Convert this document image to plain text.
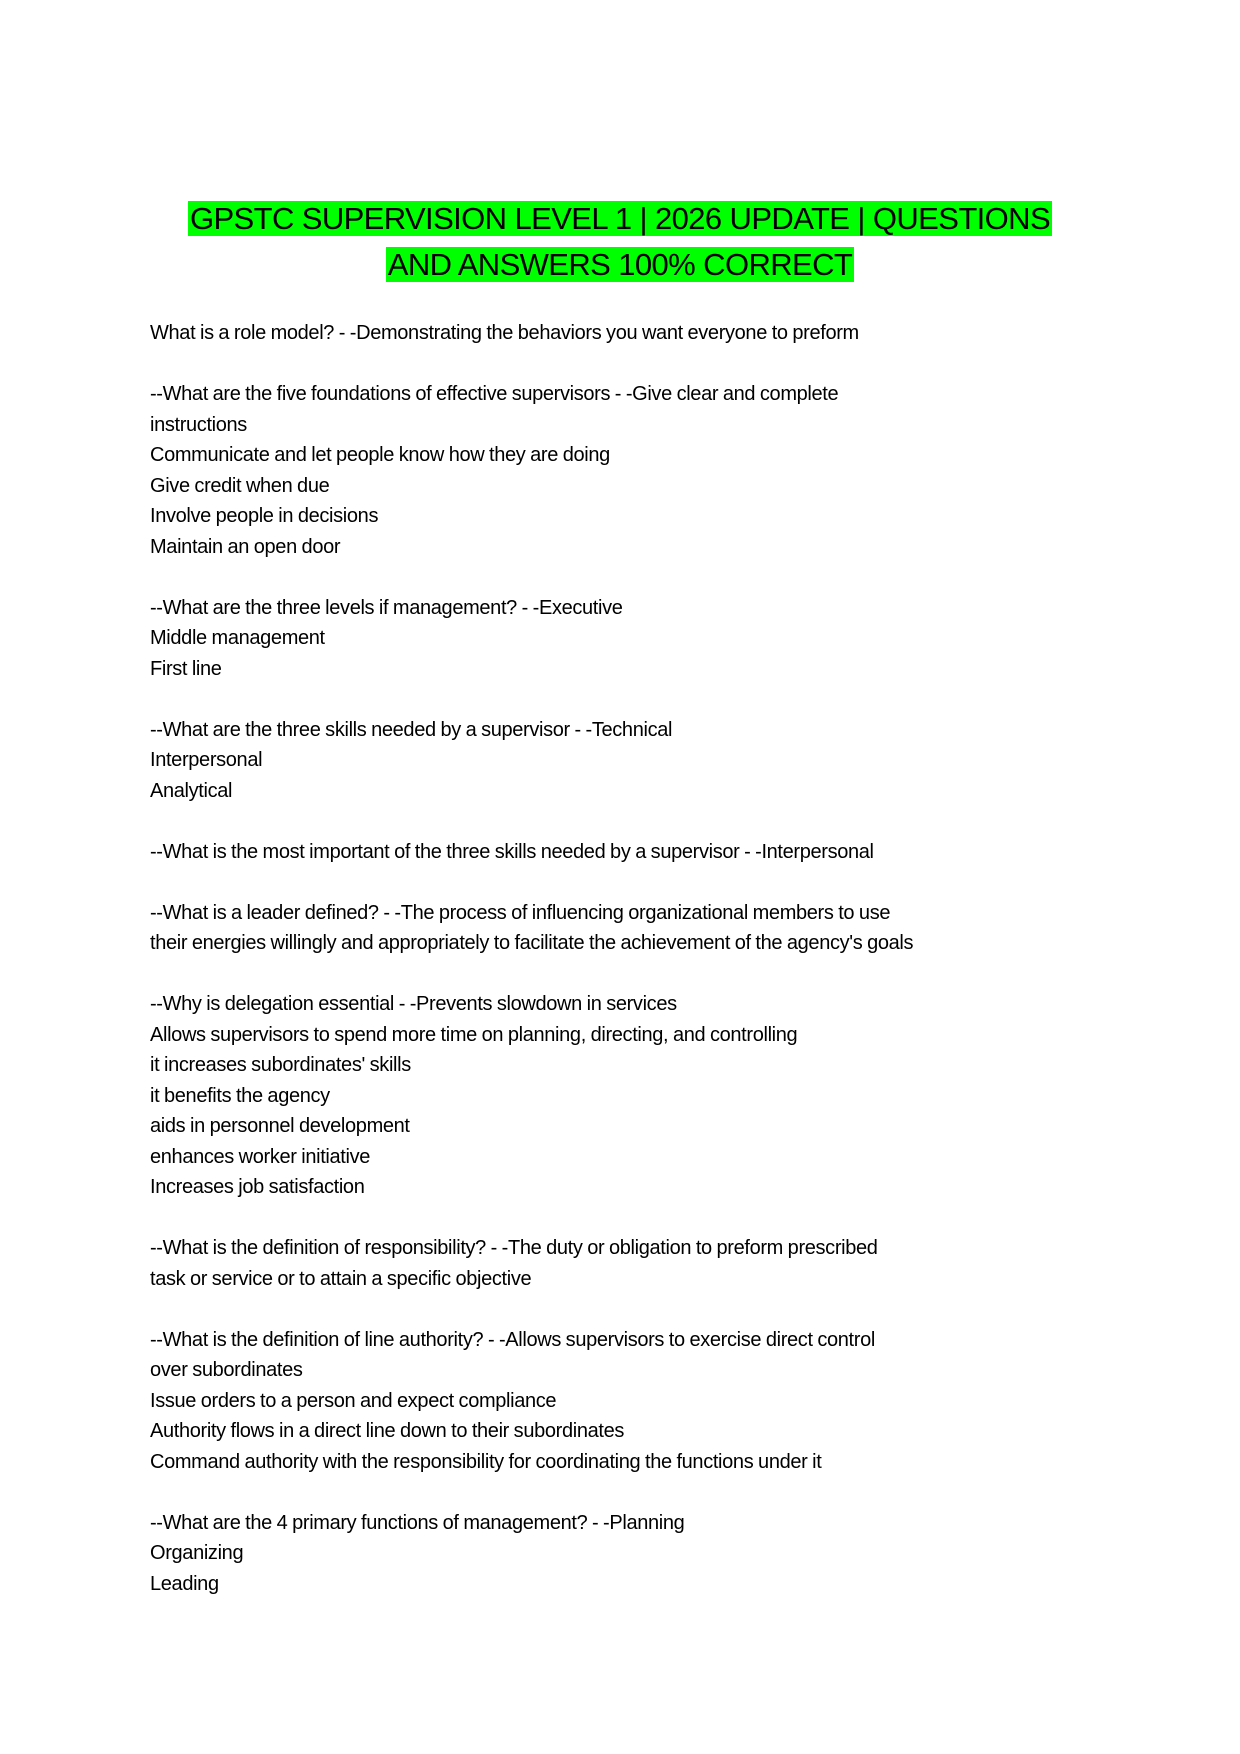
GPSTC SUPERVISION LEVEL 1 | 2026 UPDATE | QUESTIONS
AND ANSWERS 100% CORRECT
What is a role model? - -Demonstrating the behaviors you want everyone to preform
--What are the five foundations of effective supervisors - -Give clear and complete
instructions
Communicate and let people know how they are doing
Give credit when due
Involve people in decisions
Maintain an open door
--What are the three levels if management? - -Executive
Middle management
First line
--What are the three skills needed by a supervisor - -Technical
Interpersonal
Analytical
--What is the most important of the three skills needed by a supervisor - -Interpersonal
--What is a leader defined? - -The process of influencing organizational members to use
their energies willingly and appropriately to facilitate the achievement of the agency's goals
--Why is delegation essential - -Prevents slowdown in services
Allows supervisors to spend more time on planning, directing, and controlling
it increases subordinates' skills
it benefits the agency
aids in personnel development
enhances worker initiative
Increases job satisfaction
--What is the definition of responsibility? - -The duty or obligation to preform prescribed
task or service or to attain a specific objective
--What is the definition of line authority? - -Allows supervisors to exercise direct control
over subordinates
Issue orders to a person and expect compliance
Authority flows in a direct line down to their subordinates
Command authority with the responsibility for coordinating the functions under it
--What are the 4 primary functions of management? - -Planning
Organizing
Leading
